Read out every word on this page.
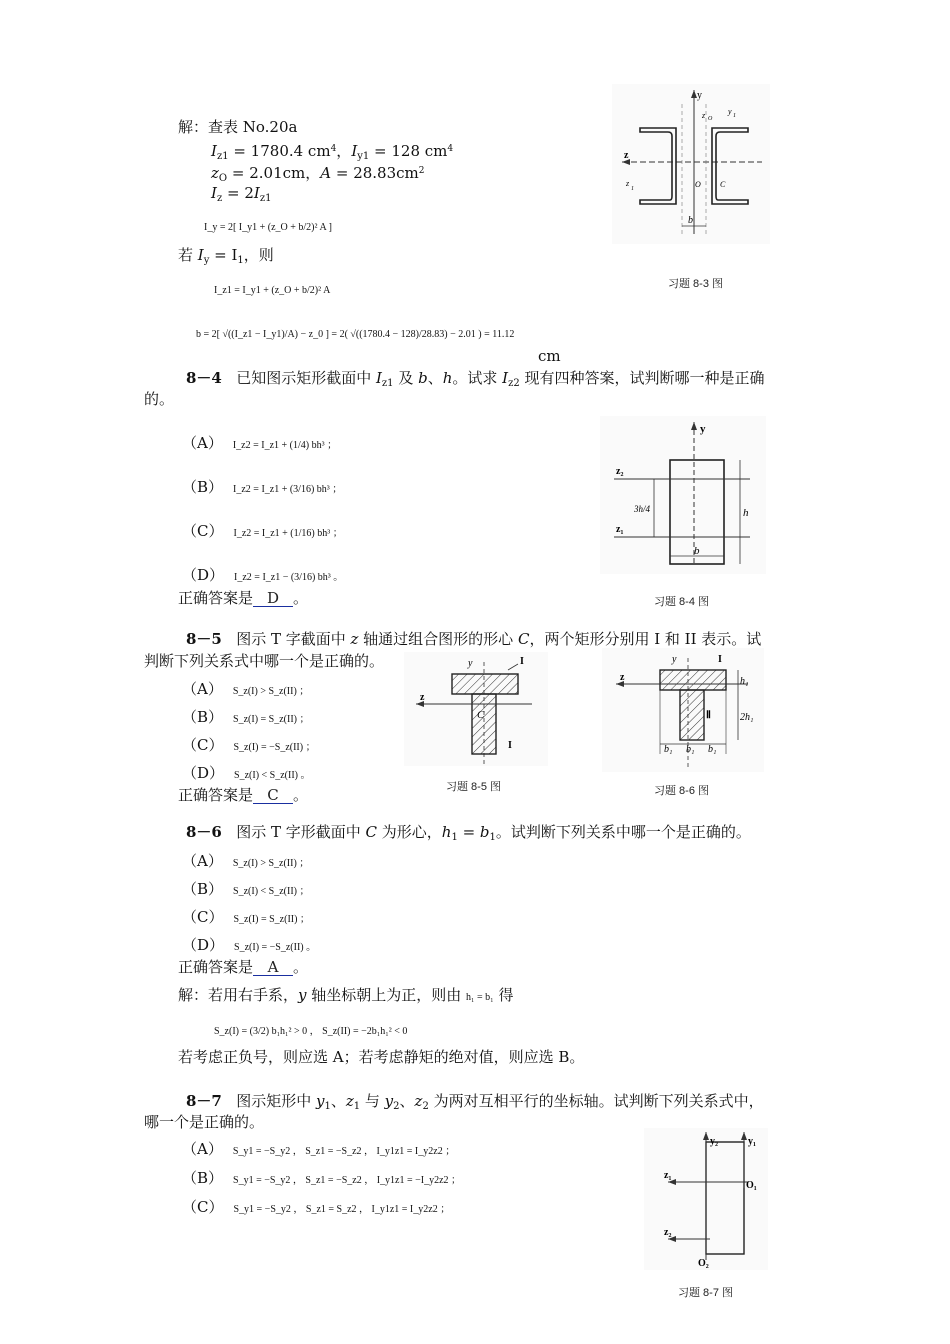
解：查表 No.20a
$I_{z1} = 1780.4$ $cm^4$，$I_{y1} = 128$ $cm^4$
$z_O = 2.01cm$，$A = 28.83cm^2$
$I_z = 2I_{z1}$
I_y = 2[ I_y1 + (z_O + b/2)² A ]
若 $I_y = I_1$，则
I_z1 = I_y1 + (z_O + b/2)² A
b = 2[ √((I_z1 − I_y1)/A) − z_0 ] = 2( √((1780.4 − 128)/28.83) − 2.01 ) = 11.12
cm
y
z O
y 1
z
z
1	O C
b
习题 8-3 图
8－4 已知图示矩形截面中 $I_{z1}$ 及 b、h。试求 $I_{z2}$ 现有四种答案，试判断哪一种是正确
的。
（A） I_z2 = I_z1 + (1/4) bh³ ；
（B） I_z2 = I_z1 + (3/16) bh³ ；
（C） I_z2 = I_z1 + (1/16) bh³ ；
（D） I_z2 = I_z1 − (3/16) bh³ 。
正确答案是 D 。
y
z₂
z₁
h
3h/4
b
习题 8-4 图
8－5 图示 T 字截面中 z 轴通过组合图形的形心 C，两个矩形分别用 I 和 II 表示。试
判断下列关系式中哪一个是正确的。
（A） S_z(I) > S_z(II) ；
（B） S_z(I) = S_z(II) ；
（C） S_z(I) = −S_z(II) ；
（D） S_z(I) < S_z(II) 。
正确答案是 C 。
y	I
z
C
I
习题 8-5 图
y	I
z	h₁
2h₁
Ⅱ
b₁ b₁ b₁
习题 8-6 图
8－6 图示 T 字形截面中 C 为形心，$h_1 = b_1$。试判断下列关系中哪一个是正确的。
（A） S_z(I) > S_z(II) ；
（B） S_z(I) < S_z(II) ；
（C） S_z(I) = S_z(II) ；
（D） S_z(I) = −S_z(II) 。
正确答案是 A 。
解：若用右手系，y 轴坐标朝上为正，则由 h₁ = b₁ 得
S_z(I) = (3/2) b₁h₁² > 0 ， S_z(II) = −2b₁h₁² < 0
若考虑正负号，则应选 A；若考虑静矩的绝对值，则应选 B。
8－7 图示矩形中 $y_1$、$z_1$ 与 $y_2$、$z_2$ 为两对互相平行的坐标轴。试判断下列关系式中，
哪一个是正确的。
（A） S_y1 = −S_y2 ， S_z1 = −S_z2 ， I_y1z1 = I_y2z2 ；
（B） S_y1 = −S_y2 ， S_z1 = −S_z2 ， I_y1z1 = −I_y2z2 ；
（C） S_y1 = −S_y2 ， S_z1 = S_z2 ， I_y1z1 = I_y2z2 ；
y₂	y₁
z₁
O₁
z₂
O₂
习题 8-7 图
